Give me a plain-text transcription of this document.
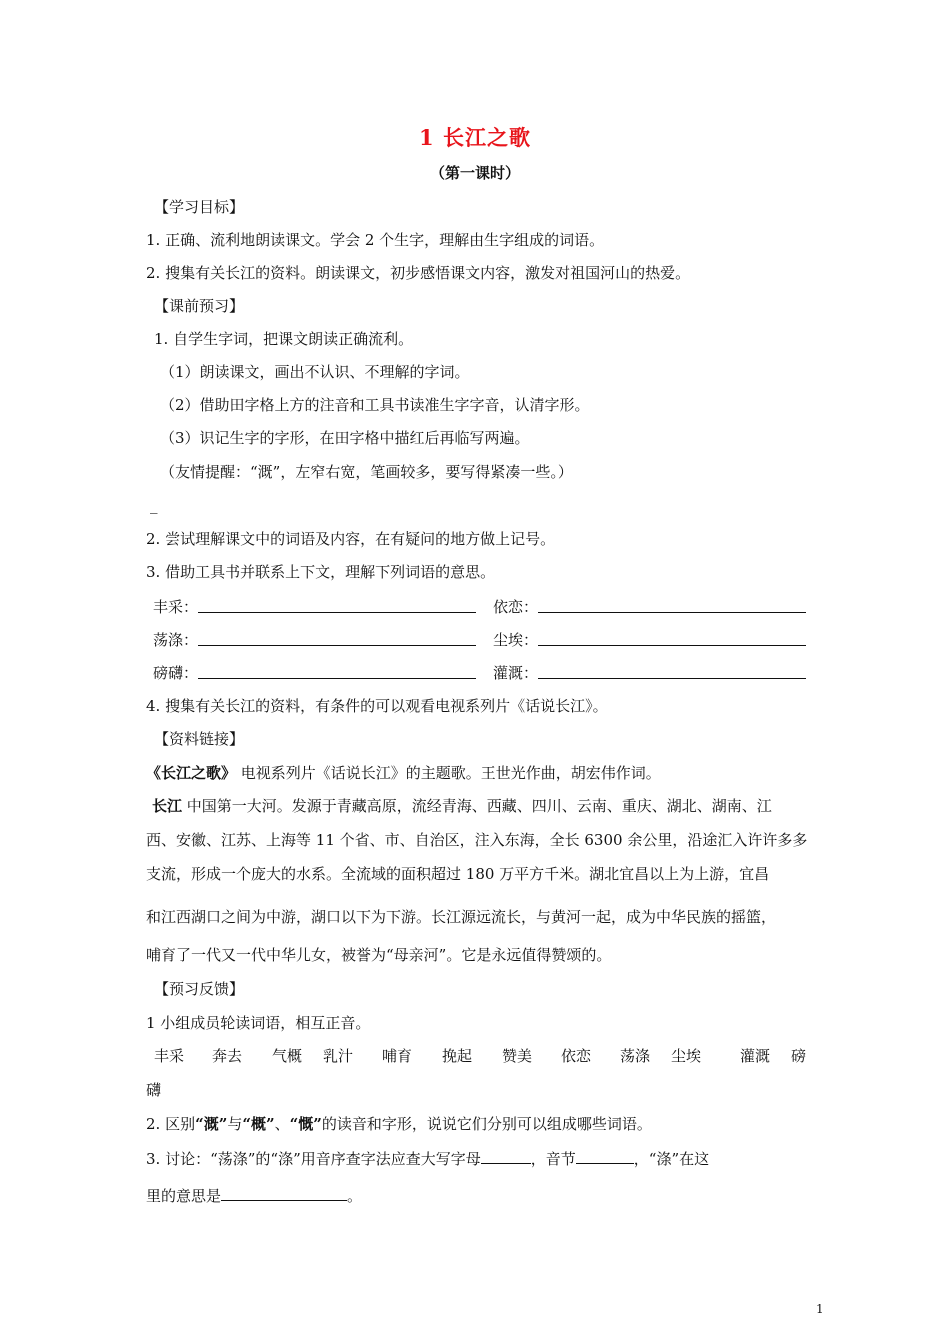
1 长江之歌
（第一课时）
【学习目标】
1. 正确、流利地朗读课文。学会 2 个生字，理解由生字组成的词语。
2. 搜集有关长江的资料。朗读课文，初步感悟课文内容，激发对祖国河山的热爱。
【课前预习】
1. 自学生字词，把课文朗读正确流利。
（1）朗读课文，画出不认识、不理解的字词。
（2）借助田字格上方的注音和工具书读准生字字音，认清字形。
（3）识记生字的字形，在田字格中描红后再临写两遍。
（友情提醒：“溉”，左窄右宽，笔画较多，要写得紧凑一些。）
_
2. 尝试理解课文中的词语及内容，在有疑问的地方做上记号。
3. 借助工具书并联系上下文，理解下列词语的意思。
丰采：	依恋：
荡涤：	尘埃：
磅礴：	灌溉：
4. 搜集有关长江的资料，有条件的可以观看电视系列片《话说长江》。
【资料链接】
《长江之歌》 电视系列片《话说长江》的主题歌。王世光作曲，胡宏伟作词。
长江 中国第一大河。发源于青藏高原，流经青海、西藏、四川、云南、重庆、湖北、湖南、江
西、安徽、江苏、上海等 11 个省、市、自治区，注入东海，全长 6300 余公里，沿途汇入许许多多
支流，形成一个庞大的水系。全流域的面积超过 180 万平方千米。湖北宜昌以上为上游，宜昌
和江西湖口之间为中游，湖口以下为下游。长江源远流长，与黄河一起，成为中华民族的摇篮，
哺育了一代又一代中华儿女，被誉为“母亲河”。它是永远值得赞颂的。
【预习反馈】
1 小组成员轮读词语，相互正音。
丰采 奔去 气概 乳汁 哺育 挽起 赞美 依恋 荡涤 尘埃	灌溉 磅
礴
2. 区别“溉”与“概”、“慨”的读音和字形，说说它们分别可以组成哪些词语。
3. 讨论：“荡涤”的“涤”用音序查字法应查大写字母	，音节	，“涤”在这
里的意思是	。
1
